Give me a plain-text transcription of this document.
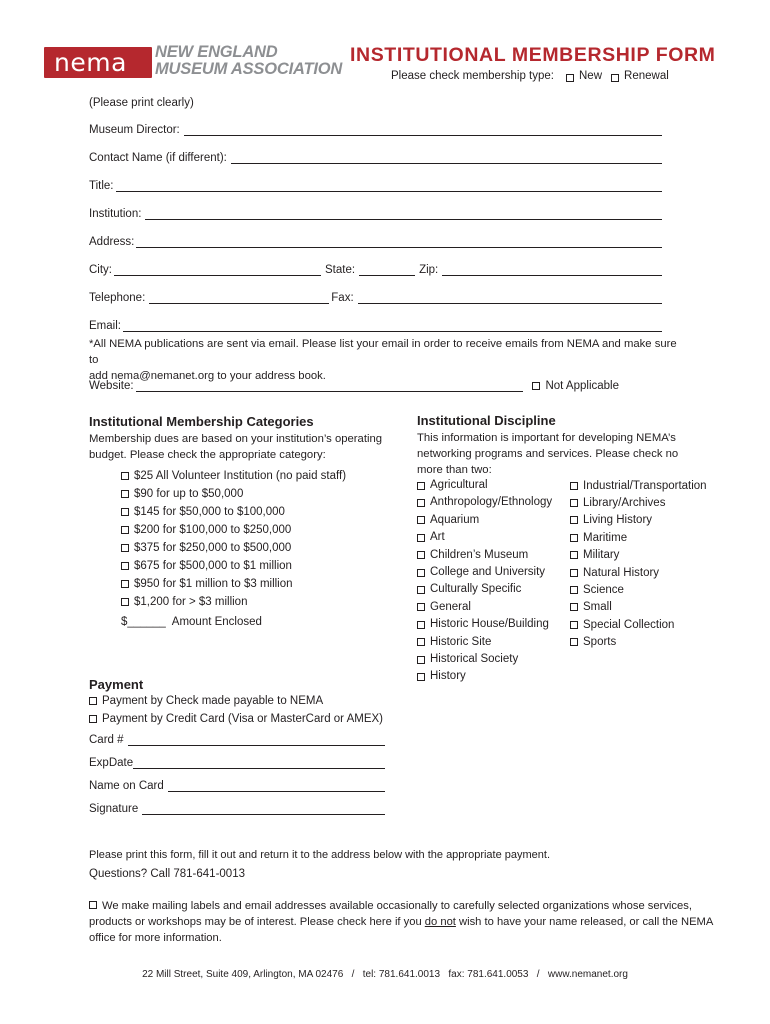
nema NEW ENGLAND
MUSEUM ASSOCIATION
INSTITUTIONAL MEMBERSHIP FORM
Please check membership type: New Renewal
(Please print clearly)
Museum Director:
Contact Name (if different):
Title:
Institution:
Address:
City:	State:	Zip:
Telephone:	Fax:
Email:
*All NEMA publications are sent via email. Please list your email in order to receive emails from NEMA and make sure to
add nema@nemanet.org to your address book.
Website:	Not Applicable
Institutional Membership Categories
Membership dues are based on your institution’s operating
budget. Please check the appropriate category:
$25 All Volunteer Institution (no paid staff)
$90 for up to $50,000
$145 for $50,000 to $100,000
$200 for $100,000 to $250,000
$375 for $250,000 to $500,000
$675 for $500,000 to $1 million
$950 for $1 million to $3 million
$1,200 for > $3 million
$______ Amount Enclosed
Institutional Discipline
This information is important for developing NEMA’s
networking programs and services. Please check no
more than two:
Agricultural
Anthropology/Ethnology
Aquarium
Art
Children’s Museum
College and University
Culturally Specific
General
Historic House/Building
Historic Site
Historical Society
History
Industrial/Transportation
Library/Archives
Living History
Maritime
Military
Natural History
Science
Small
Special Collection
Sports
Payment
Payment by Check made payable to NEMA
Payment by Credit Card (Visa or MasterCard or AMEX)
Card #
ExpDate
Name on Card
Signature
Please print this form, fill it out and return it to the address below with the appropriate payment.
Questions? Call 781-641-0013
We make mailing labels and email addresses available occasionally to carefully selected organizations whose services,
products or workshops may be of interest. Please check here if you do not wish to have your name released, or call the NEMA
office for more information.
22 Mill Street, Suite 409, Arlington, MA 02476   /   tel: 781.641.0013   fax: 781.641.0053   /   www.nemanet.org
